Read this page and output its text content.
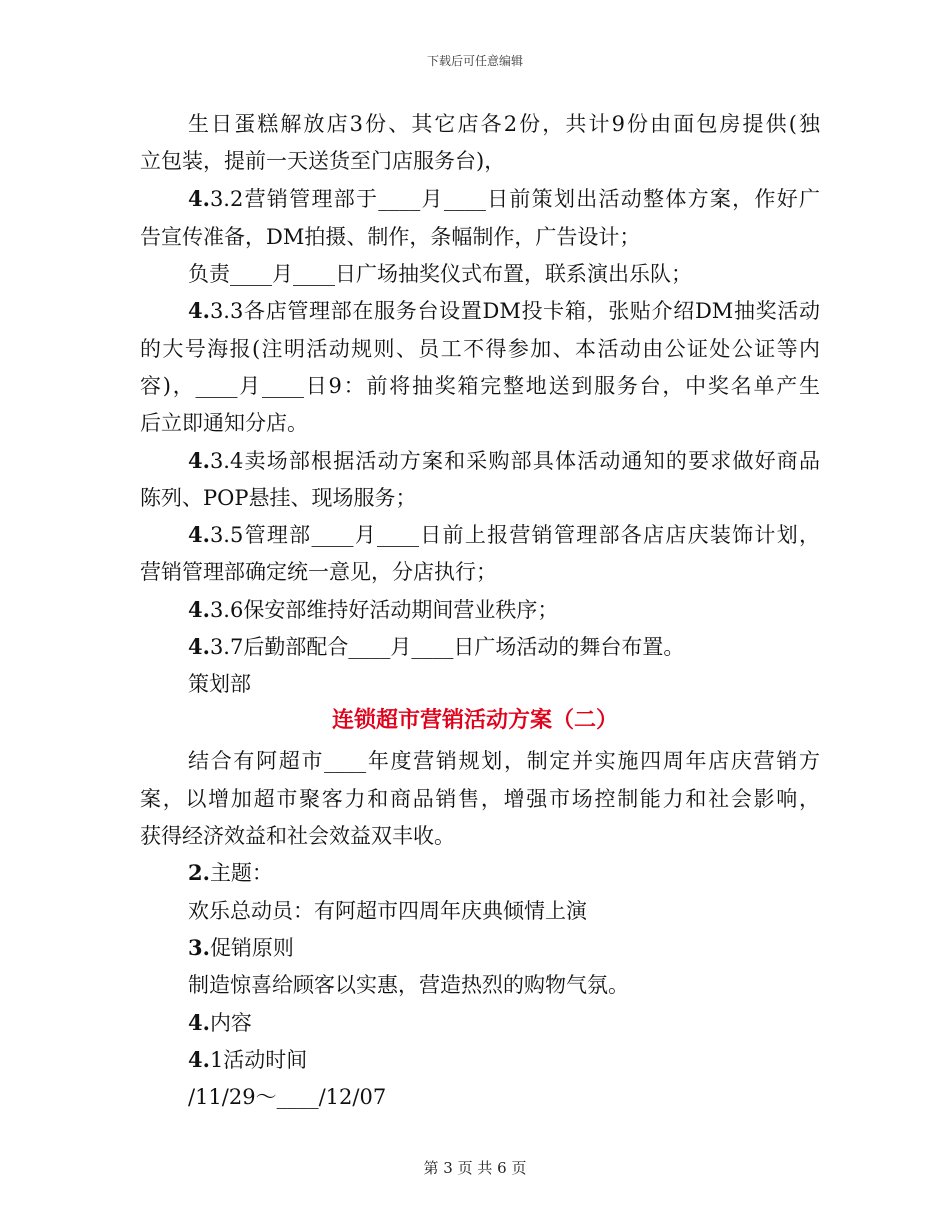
下载后可任意编辑
生日蛋糕解放店3份、其它店各2份，共计9份由面包房提供(独
立包装，提前一天送货至门店服务台)，
4.3.2营销管理部于____月____日前策划出活动整体方案，作好广
告宣传准备，DM拍摄、制作，条幅制作，广告设计；
负责____月____日广场抽奖仪式布置，联系演出乐队；
4.3.3各店管理部在服务台设置DM投卡箱，张贴介绍DM抽奖活动
的大号海报(注明活动规则、员工不得参加、本活动由公证处公证等内
容)，____月____日9：前将抽奖箱完整地送到服务台，中奖名单产生
后立即通知分店。
4.3.4卖场部根据活动方案和采购部具体活动通知的要求做好商品
陈列、POP悬挂、现场服务；
4.3.5管理部____月____日前上报营销管理部各店店庆装饰计划，
营销管理部确定统一意见，分店执行；
4.3.6保安部维持好活动期间营业秩序；
4.3.7后勤部配合____月____日广场活动的舞台布置。
策划部
连锁超市营销活动方案（二）
结合有阿超市____年度营销规划，制定并实施四周年店庆营销方
案，以增加超市聚客力和商品销售，增强市场控制能力和社会影响，
获得经济效益和社会效益双丰收。
2.主题：
欢乐总动员：有阿超市四周年庆典倾情上演
3.促销原则
制造惊喜给顾客以实惠，营造热烈的购物气氛。
4.内容
4.1活动时间
/11/29～____/12/07
第 3 页 共 6 页
